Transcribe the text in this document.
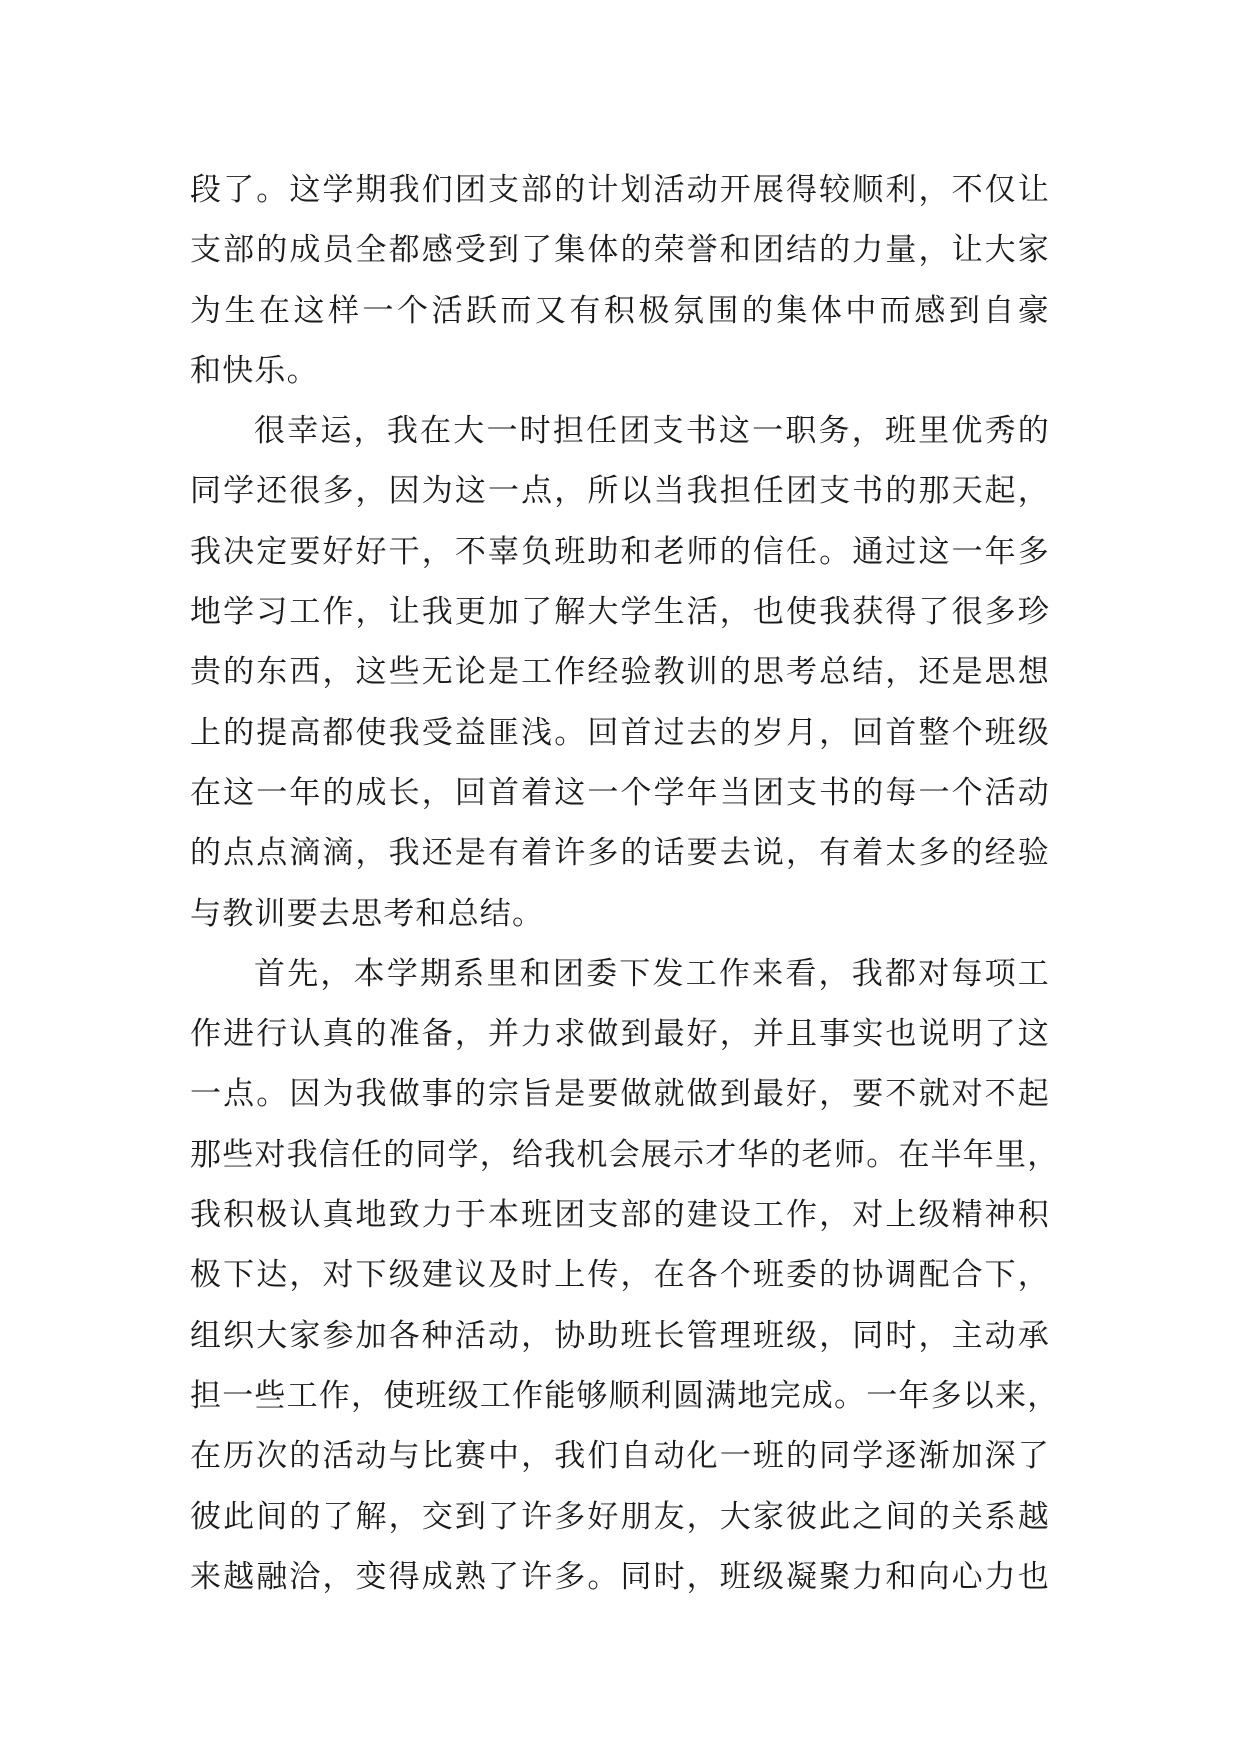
段了。这学期我们团支部的计划活动开展得较顺利，不仅让
支部的成员全都感受到了集体的荣誉和团结的力量，让大家
为生在这样一个活跃而又有积极氛围的集体中而感到自豪
和快乐。
很幸运，我在大一时担任团支书这一职务，班里优秀的
同学还很多，因为这一点，所以当我担任团支书的那天起，
我决定要好好干，不辜负班助和老师的信任。通过这一年多
地学习工作，让我更加了解大学生活，也使我获得了很多珍
贵的东西，这些无论是工作经验教训的思考总结，还是思想
上的提高都使我受益匪浅。回首过去的岁月，回首整个班级
在这一年的成长，回首着这一个学年当团支书的每一个活动
的点点滴滴，我还是有着许多的话要去说，有着太多的经验
与教训要去思考和总结。
首先，本学期系里和团委下发工作来看，我都对每项工
作进行认真的准备，并力求做到最好，并且事实也说明了这
一点。因为我做事的宗旨是要做就做到最好，要不就对不起
那些对我信任的同学，给我机会展示才华的老师。在半年里，
我积极认真地致力于本班团支部的建设工作，对上级精神积
极下达，对下级建议及时上传，在各个班委的协调配合下，
组织大家参加各种活动，协助班长管理班级，同时，主动承
担一些工作，使班级工作能够顺利圆满地完成。一年多以来，
在历次的活动与比赛中，我们自动化一班的同学逐渐加深了
彼此间的了解，交到了许多好朋友，大家彼此之间的关系越
来越融洽，变得成熟了许多。同时，班级凝聚力和向心力也
